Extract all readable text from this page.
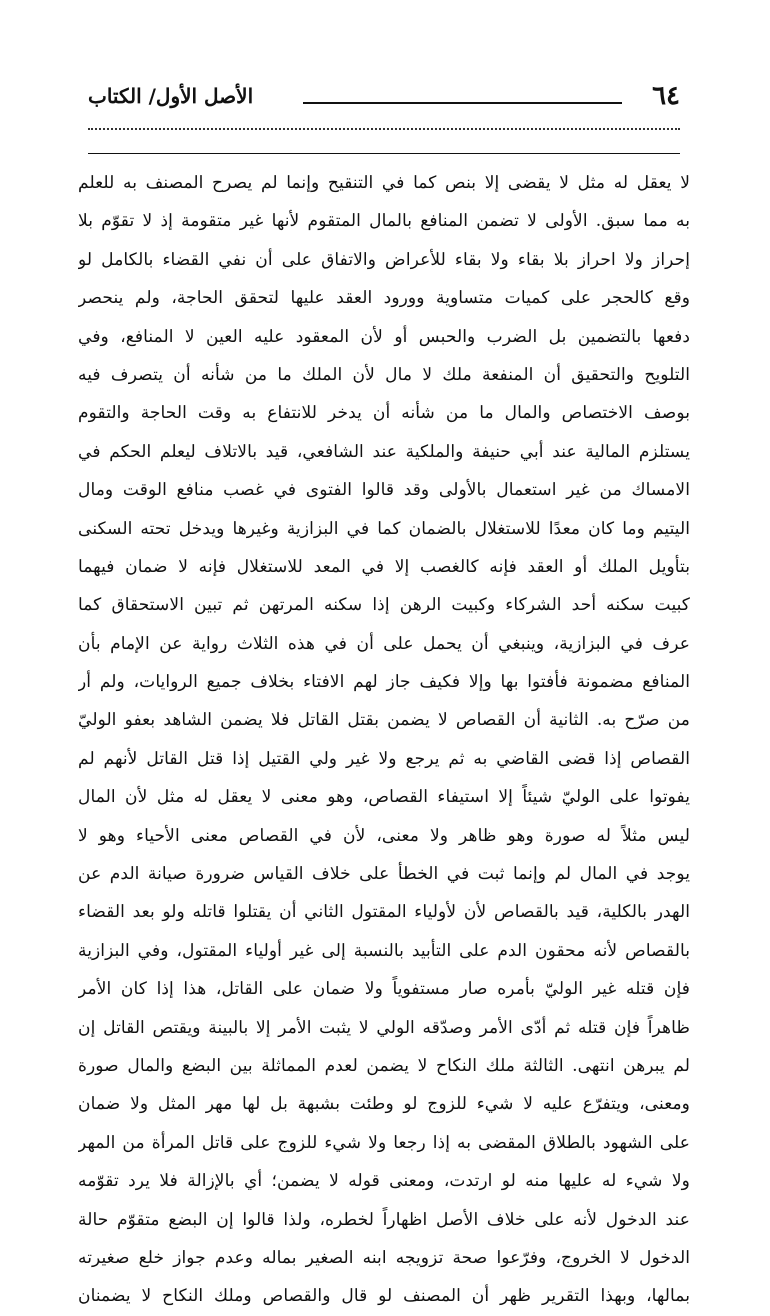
٦٤
الأصل الأول/ الكتاب
لا يعقل له مثل لا يقضى إلا بنص كما في التنقيح وإنما لم يصرح المصنف به للعلم
به مما سبق. الأولى لا تضمن المنافع بالمال المتقوم لأنها غير متقومة إذ لا تقوّم بلا
إحراز ولا احراز بلا بقاء ولا بقاء للأعراض والاتفاق على أن نفي القضاء بالكامل لو
وقع كالحجر على كميات متساوية وورود العقد عليها لتحقق الحاجة، ولم ينحصر
دفعها بالتضمين بل الضرب والحبس أو لأن المعقود عليه العين لا المنافع، وفي
التلويح والتحقيق أن المنفعة ملك لا مال لأن الملك ما من شأنه أن يتصرف فيه
بوصف الاختصاص والمال ما من شأنه أن يدخر للانتفاع به وقت الحاجة والتقوم
يستلزم المالية عند أبي حنيفة والملكية عند الشافعي، قيد بالاتلاف ليعلم الحكم في
الامساك من غير استعمال بالأولى وقد قالوا الفتوى في غصب منافع الوقت ومال
اليتيم وما كان معدًا للاستغلال بالضمان كما في البزازية وغيرها ويدخل تحته السكنى
بتأويل الملك أو العقد فإنه كالغصب إلا في المعد للاستغلال فإنه لا ضمان فيهما
كبيت سكنه أحد الشركاء وكبيت الرهن إذا سكنه المرتهن ثم تبين الاستحقاق كما
عرف في البزازية، وينبغي أن يحمل على أن في هذه الثلاث رواية عن الإمام بأن
المنافع مضمونة فأفتوا بها وإلا فكيف جاز لهم الافتاء بخلاف جميع الروايات، ولم أر
من صرّح به. الثانية أن القصاص لا يضمن بقتل القاتل فلا يضمن الشاهد بعفو الوليّ
القصاص إذا قضى القاضي به ثم يرجع ولا غير ولي القتيل إذا قتل القاتل لأنهم لم
يفوتوا على الوليّ شيئاً إلا استيفاء القصاص، وهو معنى لا يعقل له مثل لأن المال
ليس مثلاً له صورة وهو ظاهر ولا معنى، لأن في القصاص معنى الأحياء وهو لا
يوجد في المال لم وإنما ثبت في الخطأ على خلاف القياس ضرورة صيانة الدم عن
الهدر بالكلية، قيد بالقصاص لأن لأولياء المقتول الثاني أن يقتلوا قاتله ولو بعد القضاء
بالقصاص لأنه محقون الدم على التأبيد بالنسبة إلى غير أولياء المقتول، وفي البزازية
فإن قتله غير الوليّ بأمره صار مستفوياً ولا ضمان على القاتل، هذا إذا كان الأمر
ظاهراً فإن قتله ثم أدّى الأمر وصدّقه الولي لا يثبت الأمر إلا بالبينة ويقتص القاتل إن
لم يبرهن انتهى. الثالثة ملك النكاح لا يضمن لعدم المماثلة بين البضع والمال صورة
ومعنى، ويتفرّع عليه لا شيء للزوج لو وطئت بشبهة بل لها مهر المثل ولا ضمان
على الشهود بالطلاق المقضى به إذا رجعا ولا شيء للزوج على قاتل المرأة من المهر
ولا شيء له عليها منه لو ارتدت، ومعنى قوله لا يضمن؛ أي بالإزالة فلا يرد تقوّمه
عند الدخول لأنه على خلاف الأصل اظهاراً لخطره، ولذا قالوا إن البضع متقوّم حالة
الدخول لا الخروج، وفرّعوا صحة تزويجه ابنه الصغير بماله وعدم جواز خلع صغيرته
بمالها، وبهذا التقرير ظهر أن المصنف لو قال والقصاص وملك النكاح لا يضمنان
